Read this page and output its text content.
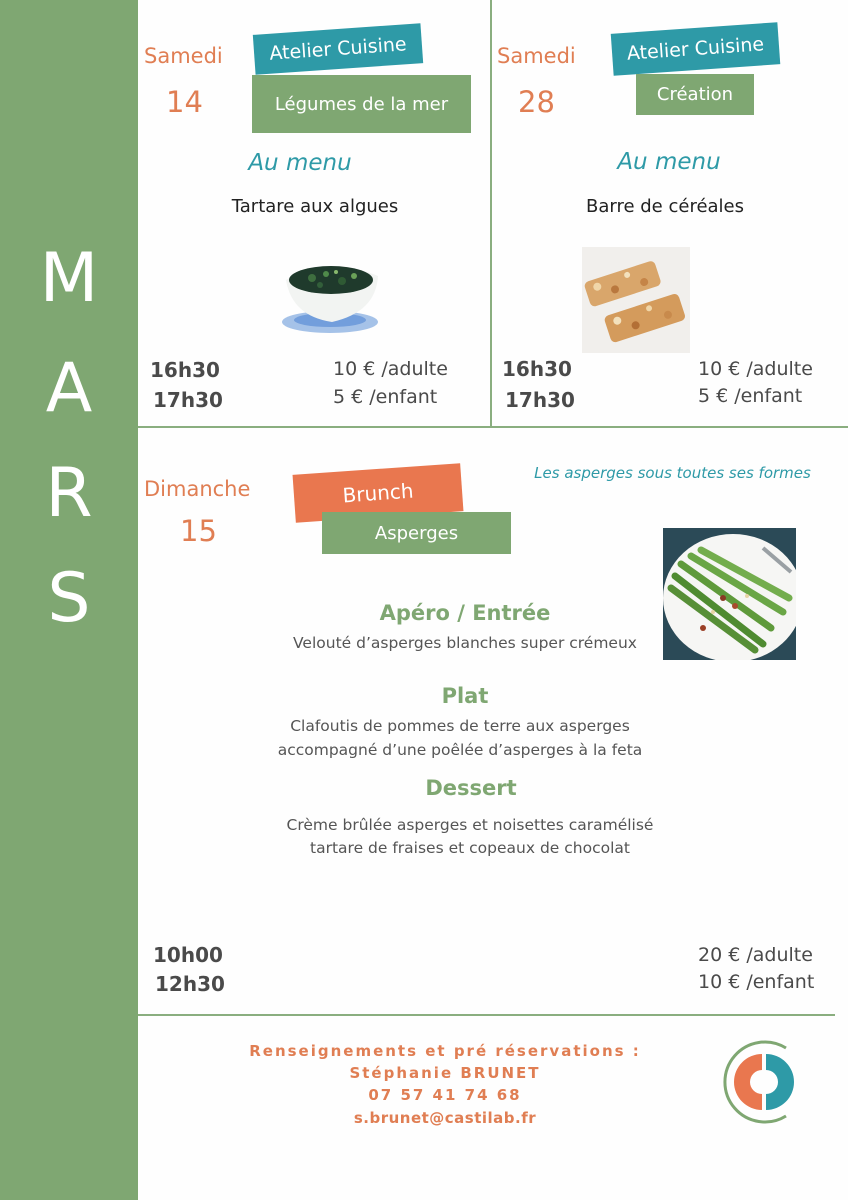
M
A
R
S
Samedi
14
Atelier Cuisine
Légumes de la mer
Au menu
Tartare aux algues
16h30
17h30
10 € /adulte
5 € /enfant
Samedi
28
Atelier Cuisine
Création
Au menu
Barre de céréales
16h30
17h30
10 € /adulte
5 € /enfant
Dimanche
15
Brunch
Asperges
Les asperges sous toutes ses formes
Apéro / Entrée
Velouté d’asperges blanches super crémeux
Plat
Clafoutis de pommes de terre aux asperges
accompagné d’une poêlée d’asperges à la feta
Dessert
Crème brûlée asperges et noisettes caramélisé
tartare de fraises et copeaux de chocolat
10h00
12h30
20 € /adulte
10 € /enfant
Renseignements et pré réservations :
Stéphanie BRUNET
07 57 41 74 68
s.brunet@castilab.fr
